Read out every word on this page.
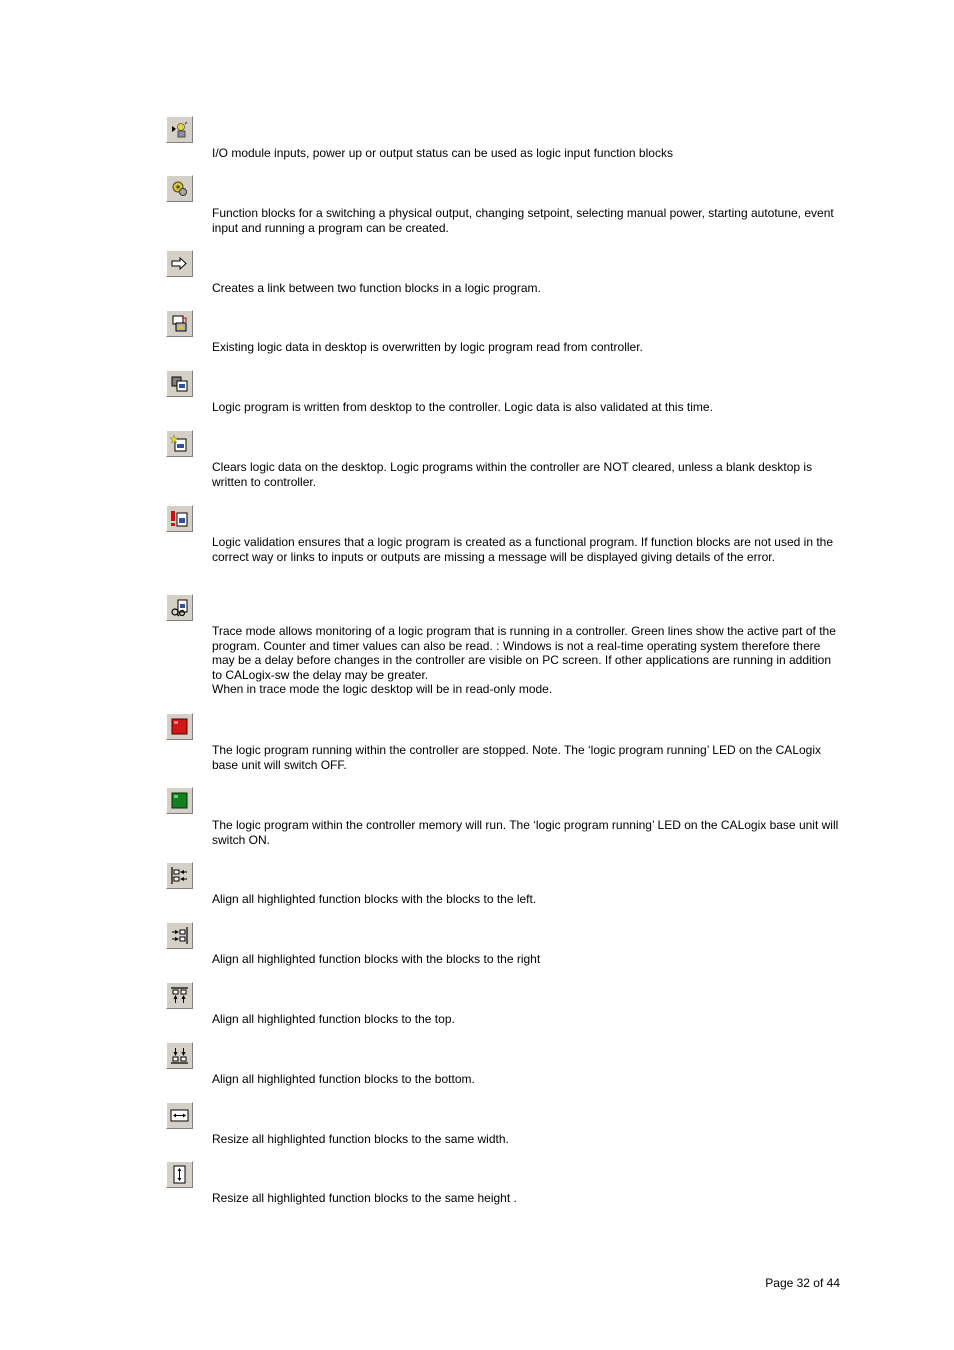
I/O module inputs, power up or output status can be used as logic input function blocks

Function blocks for a switching a physical output, changing setpoint, selecting manual power, starting autotune, event input and running a program can be created.

Creates a link between two function blocks in a logic program.

Existing logic data in desktop is overwritten by logic program read from controller.

Logic program is written from desktop to the controller. Logic data is also validated at this time.

Clears logic data on the desktop. Logic programs within the controller are NOT cleared, unless a blank desktop is written to controller.

Logic validation ensures that a logic program is created as a functional program. If function blocks are not used in the correct way or links to inputs or outputs are missing a message will be displayed giving details of the error.

Trace mode allows monitoring of a logic program that is running in a controller. Green lines show the active part of the program. Counter and timer values can also be read. : Windows is not a real-time operating system therefore there may be a delay before changes in the controller are visible on PC screen. If other applications are running in addition to CALogix-sw the delay may be greater.
When in trace mode the logic desktop will be in read-only mode.

The logic program running within the controller are stopped. Note. The ‘logic program running’ LED on the CALogix base unit will switch OFF.

The logic program within the controller memory will run. The ‘logic program running’ LED on the CALogix base unit will switch ON.

Align all highlighted function blocks with the blocks to the left.

Align all highlighted function blocks with the blocks to the right

Align all highlighted function blocks to the top.

Align all highlighted function blocks to the bottom.

Resize all highlighted function blocks to the same width.

Resize all highlighted function blocks to the same height .

Page 32 of 44
